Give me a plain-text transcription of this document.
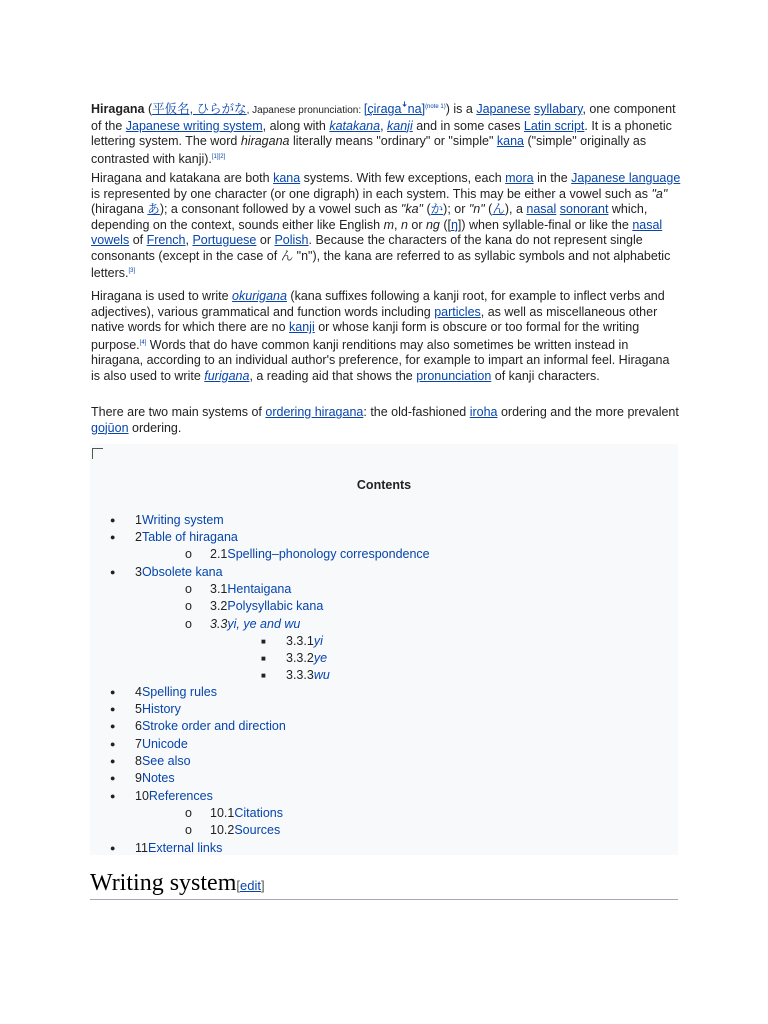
Hiragana (平仮名, ひらがな, Japanese pronunciation: [çiɾaɡaꜜna]$^{(note 1)}$) is a Japanese syllabary, one component of the Japanese writing system, along with katakana, kanji and in some cases Latin script. It is a phonetic lettering system. The word hiragana literally means "ordinary" or "simple" kana ("simple" originally as contrasted with kanji).[1][2]

Hiragana and katakana are both kana systems. With few exceptions, each mora in the Japanese language is represented by one character (or one digraph) in each system. This may be either a vowel such as "a" (hiragana あ); a consonant followed by a vowel such as "ka" (か); or "n" (ん), a nasal sonorant which, depending on the context, sounds either like English m, n or ng ([ŋ]) when syllable-final or like the nasal vowels of French, Portuguese or Polish. Because the characters of the kana do not represent single consonants (except in the case of ん "n"), the kana are referred to as syllabic symbols and not alphabetic letters.[3]

Hiragana is used to write okurigana (kana suffixes following a kanji root, for example to inflect verbs and adjectives), various grammatical and function words including particles, as well as miscellaneous other native words for which there are no kanji or whose kanji form is obscure or too formal for the writing purpose.[4] Words that do have common kanji renditions may also sometimes be written instead in hiragana, according to an individual author's preference, for example to impart an informal feel. Hiragana is also used to write furigana, a reading aid that shows the pronunciation of kanji characters.

There are two main systems of ordering hiragana: the old-fashioned iroha ordering and the more prevalent gojūon ordering.

Contents
●	1Writing system
●	2Table of hiragana
o	2.1Spelling–phonology correspondence
●	3Obsolete kana
o	3.1Hentaigana
o	3.2Polysyllabic kana
o	3.3yi, ye and wu
■	3.3.1yi
■	3.3.2ye
■	3.3.3wu
●	4Spelling rules
●	5History
●	6Stroke order and direction
●	7Unicode
●	8See also
●	9Notes
●	10References
o	10.1Citations
o	10.2Sources
●	11External links
Writing system[edit]
